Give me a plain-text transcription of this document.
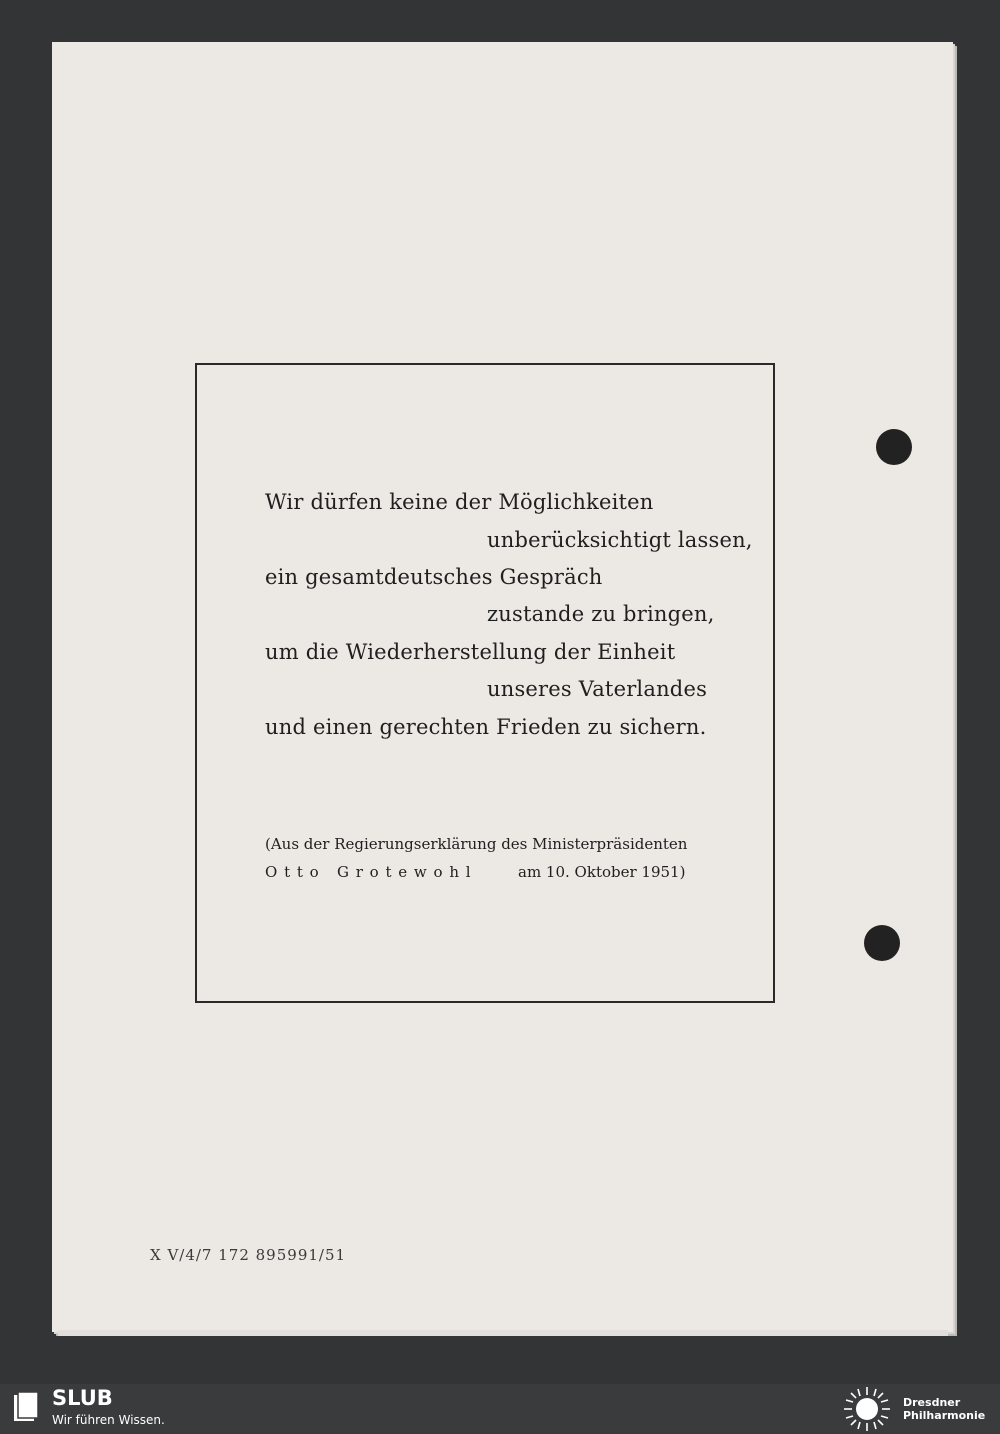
Wir dürfen keine der Möglichkeiten
unberücksichtigt lassen,
ein gesamtdeutsches Gespräch
zustande zu bringen,
um die Wiederherstellung der Einheit
unseres Vaterlandes
und einen gerechten Frieden zu sichern.
(Aus der Regierungserklärung des Ministerpräsidenten
O t t o   G r o t e w o h l	am 10. Oktober 1951)
X V/4/7 172 895991/51
SLUB
Wir führen Wissen.
Dresdner
Philharmonie
